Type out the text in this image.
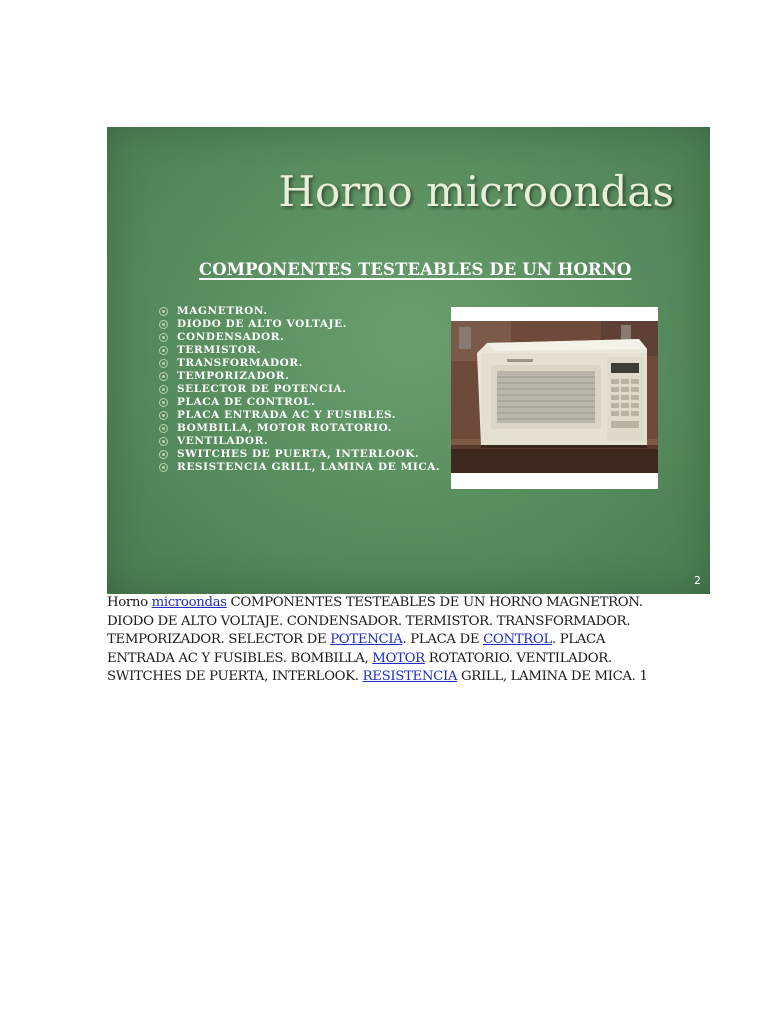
Horno microondas
COMPONENTES TESTEABLES DE UN HORNO
MAGNETRON.
DIODO DE ALTO VOLTAJE.
CONDENSADOR.
TERMISTOR.
TRANSFORMADOR.
TEMPORIZADOR.
SELECTOR DE POTENCIA.
PLACA DE CONTROL.
PLACA ENTRADA AC Y FUSIBLES.
BOMBILLA, MOTOR ROTATORIO.
VENTILADOR.
SWITCHES DE PUERTA, INTERLOOK.
RESISTENCIA GRILL, LAMINA DE MICA.
2

Horno microondas COMPONENTES TESTEABLES DE UN HORNO MAGNETRON. DIODO DE ALTO VOLTAJE. CONDENSADOR. TERMISTOR. TRANSFORMADOR. TEMPORIZADOR. SELECTOR DE POTENCIA. PLACA DE CONTROL. PLACA ENTRADA AC Y FUSIBLES. BOMBILLA, MOTOR ROTATORIO. VENTILADOR. SWITCHES DE PUERTA, INTERLOOK. RESISTENCIA GRILL, LAMINA DE MICA. 1
